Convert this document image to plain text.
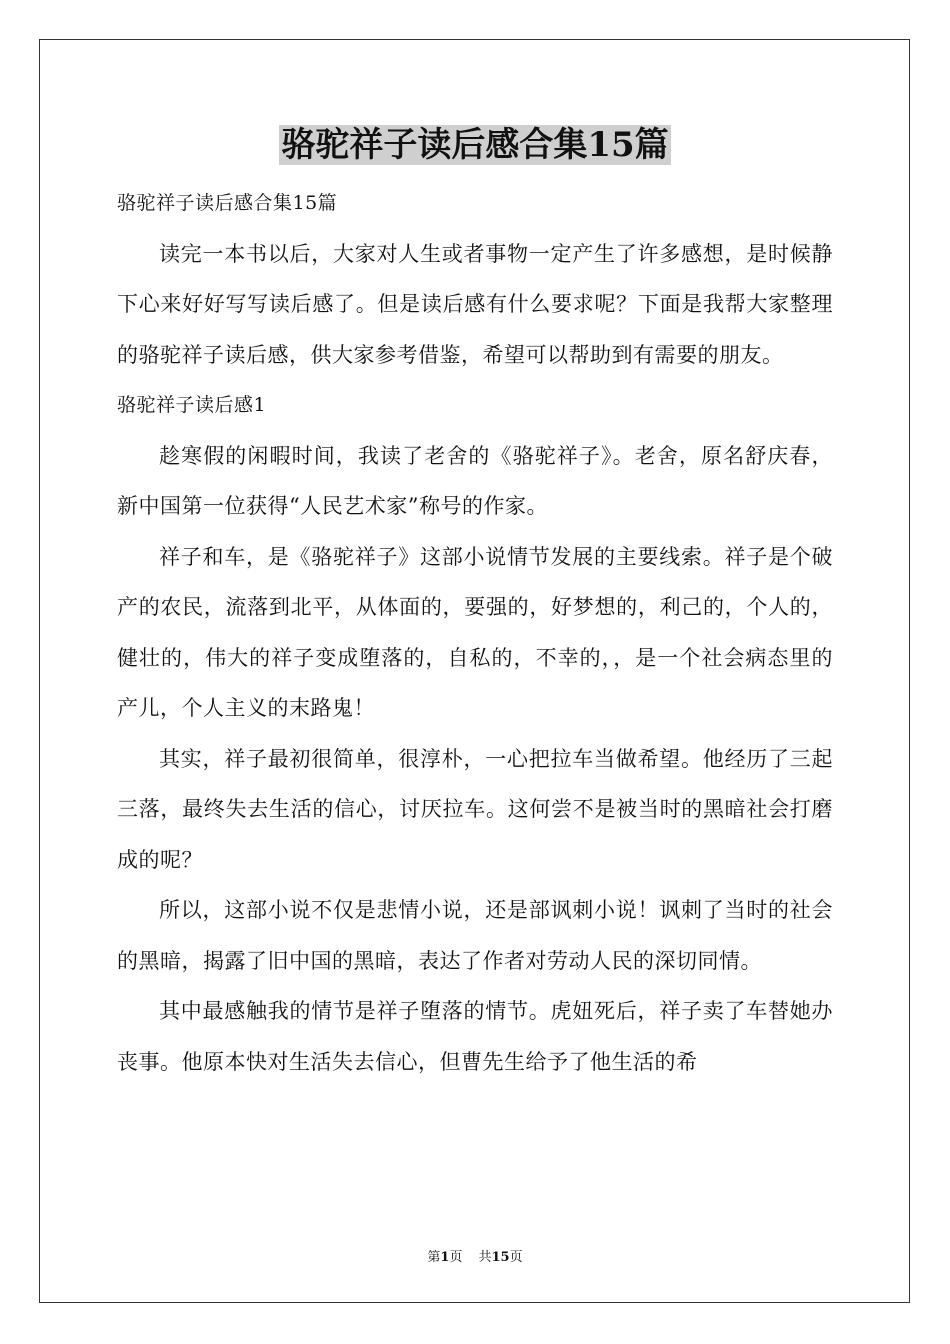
骆驼祥子读后感合集15篇

骆驼祥子读后感合集15篇

读完一本书以后，大家对人生或者事物一定产生了许多感想，是时候静下心来好好写写读后感了。但是读后感有什么要求呢？下面是我帮大家整理的骆驼祥子读后感，供大家参考借鉴，希望可以帮助到有需要的朋友。

骆驼祥子读后感1

趁寒假的闲暇时间，我读了老舍的《骆驼祥子》。老舍，原名舒庆春，新中国第一位获得“人民艺术家”称号的作家。

祥子和车，是《骆驼祥子》这部小说情节发展的主要线索。祥子是个破产的农民，流落到北平，从体面的，要强的，好梦想的，利己的，个人的，健壮的，伟大的祥子变成堕落的，自私的，不幸的，，是一个社会病态里的产儿，个人主义的末路鬼！

其实，祥子最初很简单，很淳朴，一心把拉车当做希望。他经历了三起三落，最终失去生活的信心，讨厌拉车。这何尝不是被当时的黑暗社会打磨成的呢？

所以，这部小说不仅是悲情小说，还是部讽刺小说！讽刺了当时的社会的黑暗，揭露了旧中国的黑暗，表达了作者对劳动人民的深切同情。

其中最感触我的情节是祥子堕落的情节。虎妞死后，祥子卖了车替她办丧事。他原本快对生活失去信心，但曹先生给予了他生活的希

第1页 共15页
